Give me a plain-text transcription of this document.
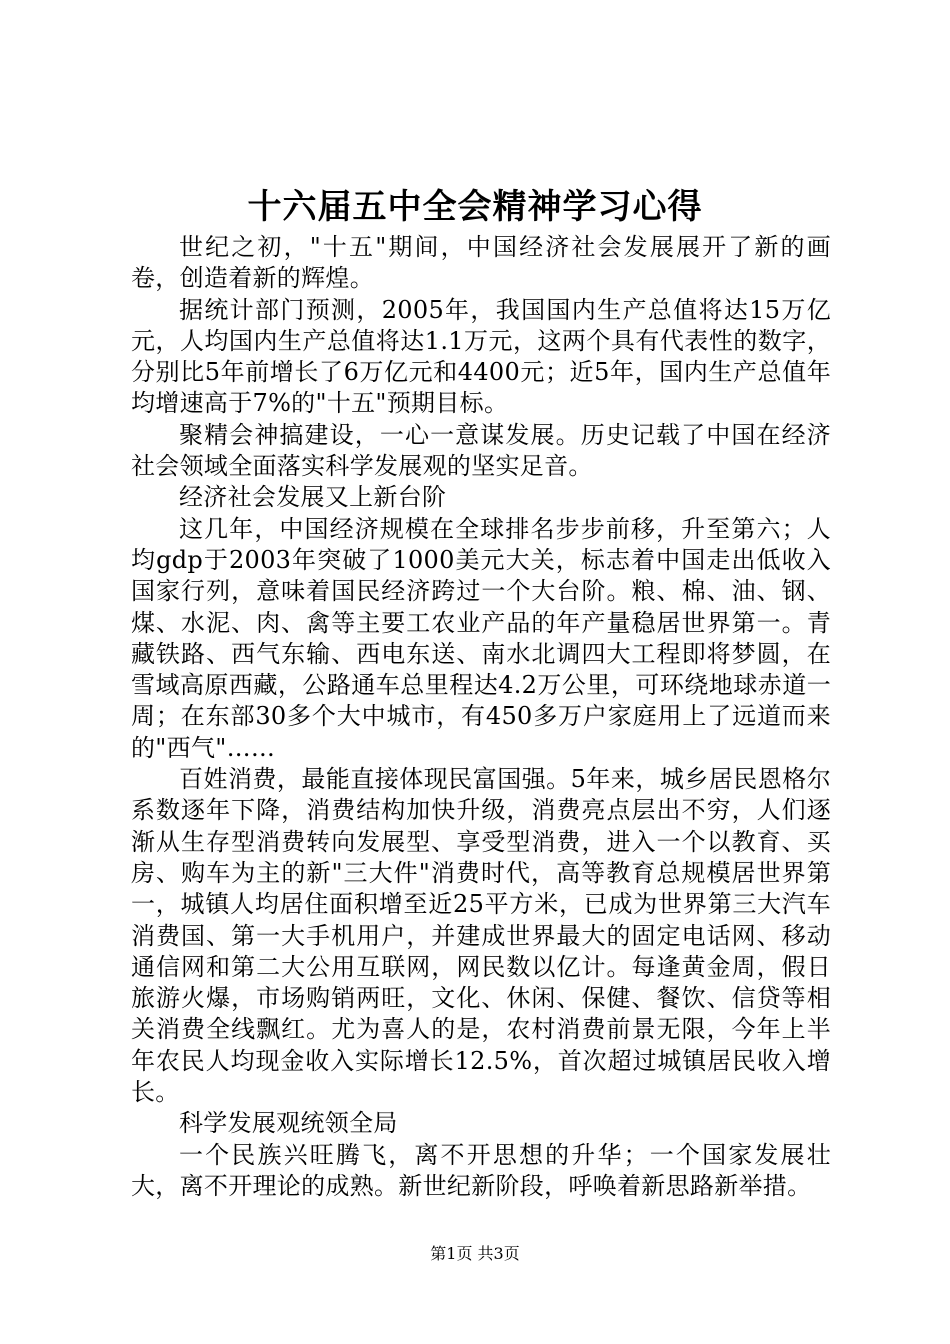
十六届五中全会精神学习心得

世纪之初，"十五"期间，中国经济社会发展展开了新的画卷，创造着新的辉煌。

据统计部门预测，2005年，我国国内生产总值将达15万亿元，人均国内生产总值将达1.1万元，这两个具有代表性的数字，分别比5年前增长了6万亿元和4400元；近5年，国内生产总值年均增速高于7%的"十五"预期目标。

聚精会神搞建设，一心一意谋发展。历史记载了中国在经济社会领域全面落实科学发展观的坚实足音。

经济社会发展又上新台阶

这几年，中国经济规模在全球排名步步前移，升至第六；人均gdp于2003年突破了1000美元大关，标志着中国走出低收入国家行列，意味着国民经济跨过一个大台阶。粮、棉、油、钢、煤、水泥、肉、禽等主要工农业产品的年产量稳居世界第一。青藏铁路、西气东输、西电东送、南水北调四大工程即将梦圆，在雪域高原西藏，公路通车总里程达4.2万公里，可环绕地球赤道一周；在东部30多个大中城市，有450多万户家庭用上了远道而来的"西气"……

百姓消费，最能直接体现民富国强。5年来，城乡居民恩格尔系数逐年下降，消费结构加快升级，消费亮点层出不穷，人们逐渐从生存型消费转向发展型、享受型消费，进入一个以教育、买房、购车为主的新"三大件"消费时代，高等教育总规模居世界第一，城镇人均居住面积增至近25平方米，已成为世界第三大汽车消费国、第一大手机用户，并建成世界最大的固定电话网、移动通信网和第二大公用互联网，网民数以亿计。每逢黄金周，假日旅游火爆，市场购销两旺，文化、休闲、保健、餐饮、信贷等相关消费全线飘红。尤为喜人的是，农村消费前景无限，今年上半年农民人均现金收入实际增长12.5%，首次超过城镇居民收入增长。

科学发展观统领全局

一个民族兴旺腾飞，离不开思想的升华；一个国家发展壮大，离不开理论的成熟。新世纪新阶段，呼唤着新思路新举措。

第1页 共3页
